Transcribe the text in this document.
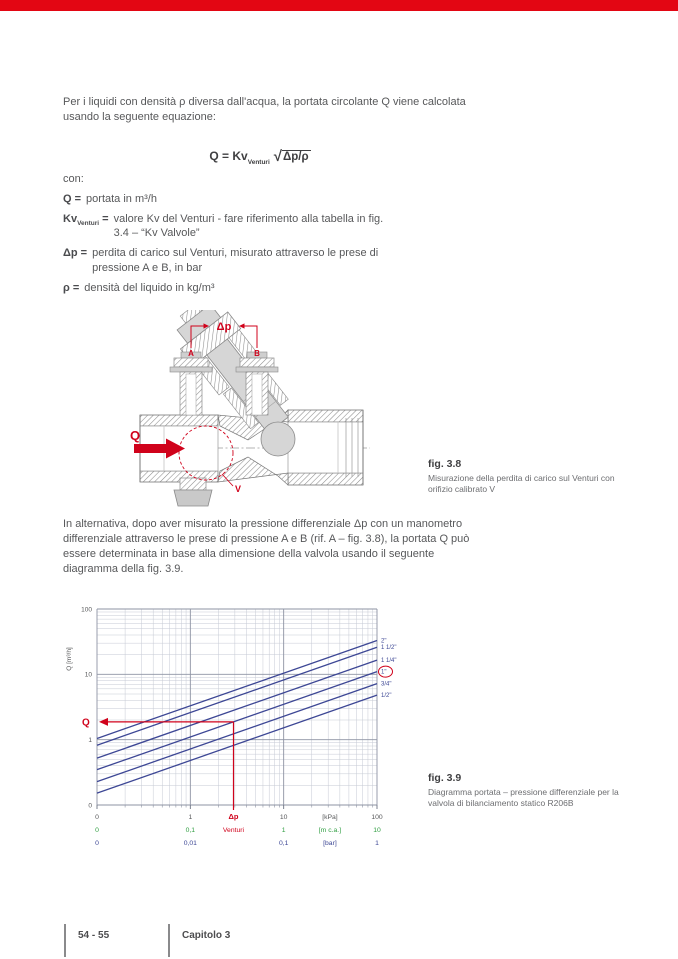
Per i liquidi con densità ρ diversa dall'acqua, la portata circolante Q viene calcolata usando la seguente equazione:

$Q = Kv_{Venturi}$ √Δp/ρ
con:
Q = portata in m³/h
$Kv_{Venturi}$ = valore Kv del Venturi - fare riferimento alla tabella in fig.
3.4 – “Kv Valvole”
Δp = perdita di carico sul Venturi, misurato attraverso le prese di
pressione A e B, in bar
ρ = densità del liquido in kg/m³
Δp
A	B
Q
V

fig. 3.8

Misurazione della perdita di carico sul Venturi con orifizio calibrato V

In alternativa, dopo aver misurato la pressione differenziale Δp con un manometro differenziale attraverso le prese di pressione A e B (rif. A – fig. 3.8), la portata Q può essere determinata in base alla dimensione della valvola usando il seguente diagramma della fig. 3.9.

0
1
10
100
2"
1 1/2"
1 1/4"
1"
3/4"
1/2"
Q [m³/h]
0	1	10	100
[kPa]
0	0,1	1	10
[m c.a.]
0	0,01	0,1	1
[bar]
Q
Δp
Venturi

fig. 3.9

Diagramma portata – pressione differenziale per la valvola di bilanciamento statico R206B

54 - 55	Capitolo 3
